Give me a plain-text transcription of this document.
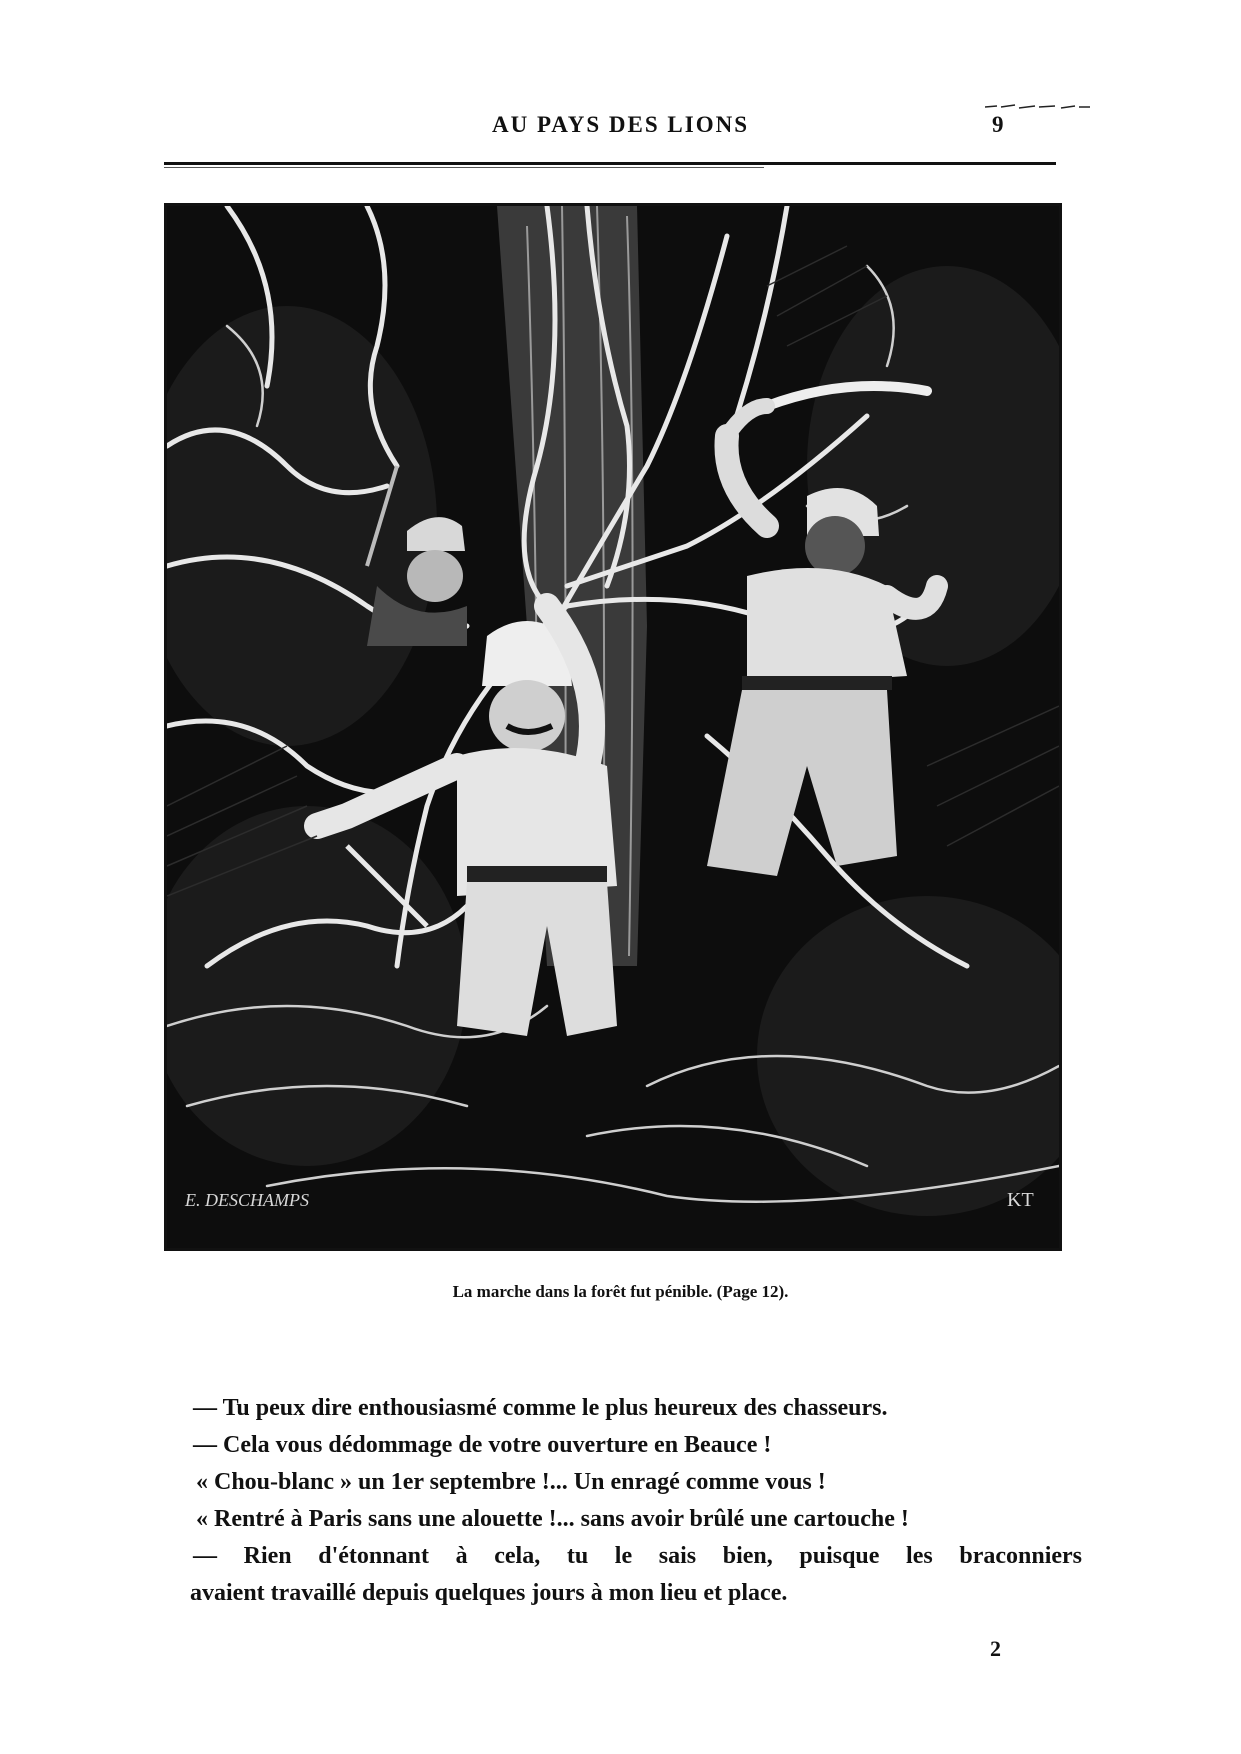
AU PAYS DES LIONS	9
E. DESCHAMPS	KT
La marche dans la forêt fut pénible. (Page 12).

— Tu peux dire enthousiasmé comme le plus heureux des chasseurs.

— Cela vous dédommage de votre ouverture en Beauce !

« Chou-blanc » un 1er septembre !... Un enragé comme vous !

« Rentré à Paris sans une alouette !... sans avoir brûlé une cartouche !

— Rien d'étonnant à cela, tu le sais bien, puisque les braconniers

avaient travaillé depuis quelques jours à mon lieu et place.

2
